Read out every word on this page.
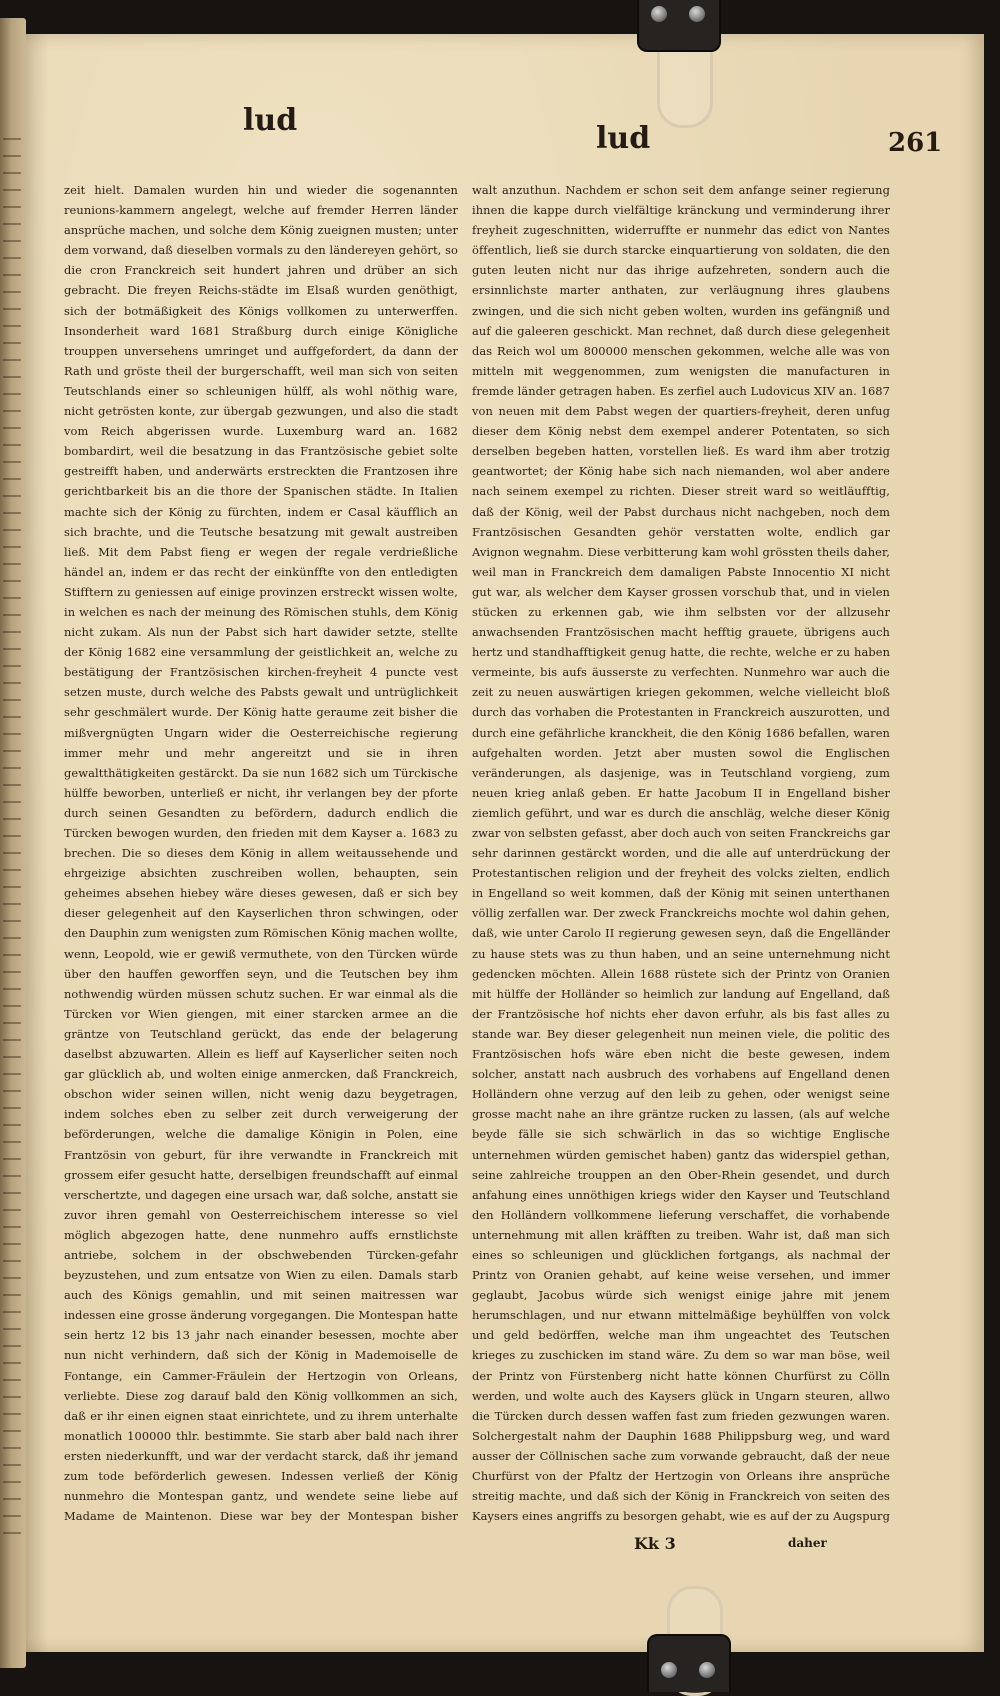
lud
lud	261
zeit hielt. Damalen wurden hin und wieder die sogenannten reunions-kammern angelegt, welche auf fremder Herren länder ansprüche machen, und solche dem König zueignen musten; unter dem vorwand, daß dieselben vormals zu den ländereyen gehört, so die cron Franckreich seit hundert jahren und drüber an sich gebracht. Die freyen Reichs-städte im Elsaß wurden genöthigt, sich der botmäßigkeit des Königs vollkomen zu unterwerffen. Insonderheit ward 1681 Straßburg durch einige Königliche trouppen unversehens umringet und auffgefordert, da dann der Rath und gröste theil der burgerschafft, weil man sich von seiten Teutschlands einer so schleunigen hülff, als wohl nöthig ware, nicht getrösten konte, zur übergab gezwungen, und also die stadt vom Reich abgerissen wurde. Luxemburg ward an. 1682 bombardirt, weil die besatzung in das Frantzösische gebiet solte gestreifft haben, und anderwärts erstreckten die Frantzosen ihre gerichtbarkeit bis an die thore der Spanischen städte. In Italien machte sich der König zu fürchten, indem er Casal käufflich an sich brachte, und die Teutsche besatzung mit gewalt austreiben ließ. Mit dem Pabst fieng er wegen der regale verdrießliche händel an, indem er das recht der einkünffte von den entledigten Stifftern zu geniessen auf einige provinzen erstreckt wissen wolte, in welchen es nach der meinung des Römischen stuhls, dem König nicht zukam. Als nun der Pabst sich hart dawider setzte, stellte der König 1682 eine versammlung der geistlichkeit an, welche zu bestätigung der Frantzösischen kirchen-freyheit 4 puncte vest setzen muste, durch welche des Pabsts gewalt und untrüglichkeit sehr geschmälert wurde. Der König hatte geraume zeit bisher die mißvergnügten Ungarn wider die Oesterreichische regierung immer mehr und mehr angereitzt und sie in ihren gewaltthätigkeiten gestärckt. Da sie nun 1682 sich um Türckische hülffe beworben, unterließ er nicht, ihr verlangen bey der pforte durch seinen Gesandten zu befördern, dadurch endlich die Türcken bewogen wurden, den frieden mit dem Kayser a. 1683 zu brechen. Die so dieses dem König in allem weitaussehende und ehrgeizige absichten zuschreiben wollen, behaupten, sein geheimes absehen hiebey wäre dieses gewesen, daß er sich bey dieser gelegenheit auf den Kayserlichen thron schwingen, oder den Dauphin zum wenigsten zum Römischen König machen wollte, wenn, Leopold, wie er gewiß vermuthete, von den Türcken würde über den hauffen geworffen seyn, und die Teutschen bey ihm nothwendig würden müssen schutz suchen. Er war einmal als die Türcken vor Wien giengen, mit einer starcken armee an die gräntze von Teutschland gerückt, das ende der belagerung daselbst abzuwarten. Allein es lieff auf Kayserlicher seiten noch gar glücklich ab, und wolten einige anmercken, daß Franckreich, obschon wider seinen willen, nicht wenig dazu beygetragen, indem solches eben zu selber zeit durch verweigerung der beförderungen, welche die damalige Königin in Polen, eine Frantzösin von geburt, für ihre verwandte in Franckreich mit grossem eifer gesucht hatte, derselbigen freundschafft auf einmal verschertzte, und dagegen eine ursach war, daß solche, anstatt sie zuvor ihren gemahl von Oesterreichischem interesse so viel möglich abgezogen hatte, dene nunmehro auffs ernstlichste antriebe, solchem in der obschwebenden Türcken-gefahr beyzustehen, und zum entsatze von Wien zu eilen. Damals starb auch des Königs gemahlin, und mit seinen maitressen war indessen eine grosse änderung vorgegangen. Die Montespan hatte sein hertz 12 bis 13 jahr nach einander besessen, mochte aber nun nicht verhindern, daß sich der König in Mademoiselle de Fontange, ein Cammer-Fräulein der Hertzogin von Orleans, verliebte. Diese zog darauf bald den König vollkommen an sich, daß er ihr einen eignen staat einrichtete, und zu ihrem unterhalte monatlich 100000 thlr. bestimmte. Sie starb aber bald nach ihrer ersten niederkunfft, und war der verdacht starck, daß ihr jemand zum tode beförderlich gewesen. Indessen verließ der König nunmehro die Montespan gantz, und wendete seine liebe auf Madame de Maintenon. Diese war bey der Montespan bisher
walt anzuthun. Nachdem er schon seit dem anfange seiner regierung ihnen die kappe durch vielfältige kränckung und verminderung ihrer freyheit zugeschnitten, widerruffte er nunmehr das edict von Nantes öffentlich, ließ sie durch starcke einquartierung von soldaten, die den guten leuten nicht nur das ihrige aufzehreten, sondern auch die ersinnlichste marter anthaten, zur verläugnung ihres glaubens zwingen, und die sich nicht geben wolten, wurden ins gefängniß und auf die galeeren geschickt. Man rechnet, daß durch diese gelegenheit das Reich wol um 800000 menschen gekommen, welche alle was von mitteln mit weggenommen, zum wenigsten die manufacturen in fremde länder getragen haben. Es zerfiel auch Ludovicus XIV an. 1687 von neuen mit dem Pabst wegen der quartiers-freyheit, deren unfug dieser dem König nebst dem exempel anderer Potentaten, so sich derselben begeben hatten, vorstellen ließ. Es ward ihm aber trotzig geantwortet; der König habe sich nach niemanden, wol aber andere nach seinem exempel zu richten. Dieser streit ward so weitläufftig, daß der König, weil der Pabst durchaus nicht nachgeben, noch dem Frantzösischen Gesandten gehör verstatten wolte, endlich gar Avignon wegnahm. Diese verbitterung kam wohl grössten theils daher, weil man in Franckreich dem damaligen Pabste Innocentio XI nicht gut war, als welcher dem Kayser grossen vorschub that, und in vielen stücken zu erkennen gab, wie ihm selbsten vor der allzusehr anwachsenden Frantzösischen macht hefftig grauete, übrigens auch hertz und standhafftigkeit genug hatte, die rechte, welche er zu haben vermeinte, bis aufs äusserste zu verfechten. Nunmehro war auch die zeit zu neuen auswärtigen kriegen gekommen, welche vielleicht bloß durch das vorhaben die Protestanten in Franckreich auszurotten, und durch eine gefährliche kranckheit, die den König 1686 befallen, waren aufgehalten worden. Jetzt aber musten sowol die Englischen veränderungen, als dasjenige, was in Teutschland vorgieng, zum neuen krieg anlaß geben. Er hatte Jacobum II in Engelland bisher ziemlich geführt, und war es durch die anschläg, welche dieser König zwar von selbsten gefasst, aber doch auch von seiten Franckreichs gar sehr darinnen gestärckt worden, und die alle auf unterdrückung der Protestantischen religion und der freyheit des volcks zielten, endlich in Engelland so weit kommen, daß der König mit seinen unterthanen völlig zerfallen war. Der zweck Franckreichs mochte wol dahin gehen, daß, wie unter Carolo II regierung gewesen seyn, daß die Engelländer zu hause stets was zu thun haben, und an seine unternehmung nicht gedencken möchten. Allein 1688 rüstete sich der Printz von Oranien mit hülffe der Holländer so heimlich zur landung auf Engelland, daß der Frantzösische hof nichts eher davon erfuhr, als bis fast alles zu stande war. Bey dieser gelegenheit nun meinen viele, die politic des Frantzösischen hofs wäre eben nicht die beste gewesen, indem solcher, anstatt nach ausbruch des vorhabens auf Engelland denen Holländern ohne verzug auf den leib zu gehen, oder wenigst seine grosse macht nahe an ihre gräntze rucken zu lassen, (als auf welche beyde fälle sie sich schwärlich in das so wichtige Englische unternehmen würden gemischet haben) gantz das widerspiel gethan, seine zahlreiche trouppen an den Ober-Rhein gesendet, und durch anfahung eines unnöthigen kriegs wider den Kayser und Teutschland den Holländern vollkommene lieferung verschaffet, die vorhabende unternehmung mit allen kräfften zu treiben. Wahr ist, daß man sich eines so schleunigen und glücklichen fortgangs, als nachmal der Printz von Oranien gehabt, auf keine weise versehen, und immer geglaubt, Jacobus würde sich wenigst einige jahre mit jenem herumschlagen, und nur etwann mittelmäßige beyhülffen von volck und geld bedörffen, welche man ihm ungeachtet des Teutschen krieges zu zuschicken im stand wäre. Zu dem so war man böse, weil der Printz von Fürstenberg nicht hatte können Churfürst zu Cölln werden, und wolte auch des Kaysers glück in Ungarn steuren, allwo die Türcken durch dessen waffen fast zum frieden gezwungen waren. Solchergestalt nahm der Dauphin 1688 Philippsburg weg, und ward ausser der Cöllnischen sache zum vorwande gebraucht, daß der neue Churfürst von der Pfaltz der Hertzogin von Orleans ihre ansprüche streitig machte, und daß sich der König in Franckreich von seiten des Kaysers eines angriffs zu besorgen gehabt, wie es auf der zu Augspurg
Kk 3	daher
